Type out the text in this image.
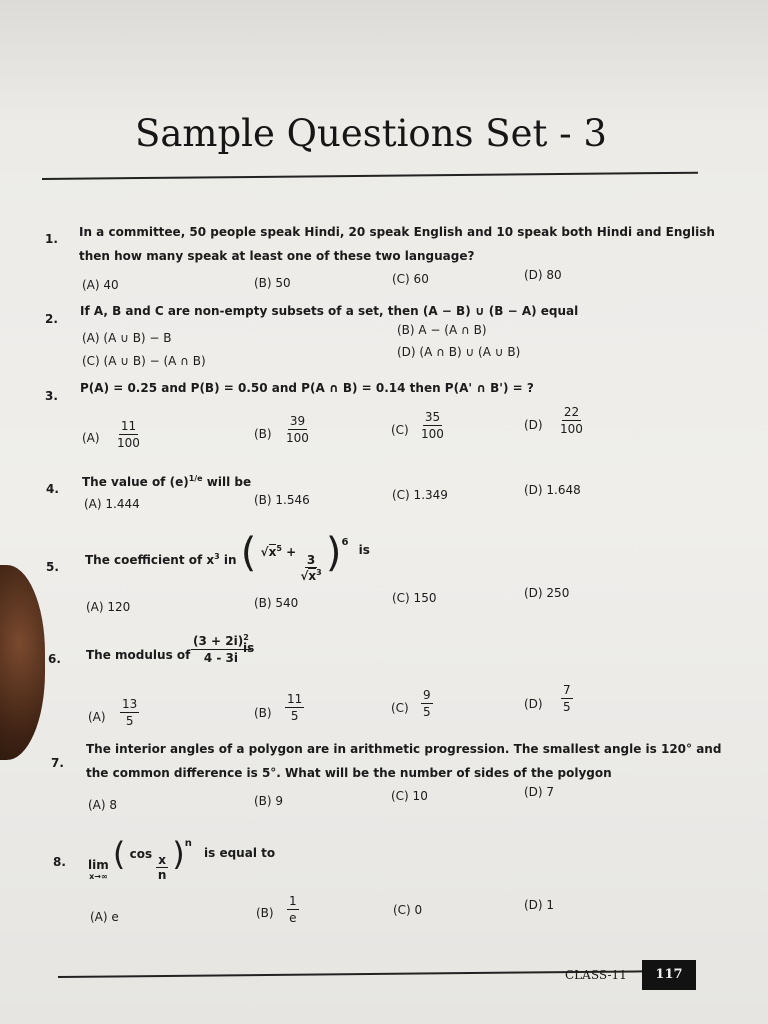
Sample Questions Set - 3
1. In a committee, 50 people speak Hindi, 20 speak English and 10 speak both Hindi and English
then how many speak at least one of these two language?
(A) 40	(B) 50	(C) 60	(D) 80
2.
If A, B and C are non-empty subsets of a set, then (A − B) ∪ (B − A) equal
(A) (A ∪ B) − B
(B) A − (A ∩ B)
(C) (A ∪ B) − (A ∩ B)
(D) (A ∩ B) ∪ (A ∪ B)
3.
P(A) = 0.25 and P(B) = 0.50 and P(A ∩ B) = 0.14 then P(A' ∩ B') = ?
$(A) \frac{11}{100}$	$(B) \frac{39}{100}$	$(C) \frac{35}{100}$	$(D) \frac{22}{100}$
4. The value of $(e)^{1/e}$ will be
(A) 1.444	(B) 1.546	(C) 1.349	(D) 1.648
5. The coefficient of $x^3$ in ( $√x^5$ +
$\frac{3}{√x^3} )^6$ is
(A) 120	(B) 540	(C) 150	(D) 250
6. The modulus of $\frac{(3 + 2i)^2}{4 - 3i}$
is
$(A) \frac{13}{5}$	$(B) \frac{11}{5}$	$(C) \frac{9}{5}$	$(D) \frac{7}{5}$
7.
The interior angles of a polygon are in arithmetic progression. The smallest angle is 120° and
the common difference is 5°. What will be the number of sides of the polygon
(A) 8	(B) 9	(C) 10	(D) 7
8. lim
x→∞
( $\cos \frac{x}{n} )^n$ is equal to
(A) e	$(B) \frac{1}{e}$	(C) 0	(D) 1
CLASS-11	117
